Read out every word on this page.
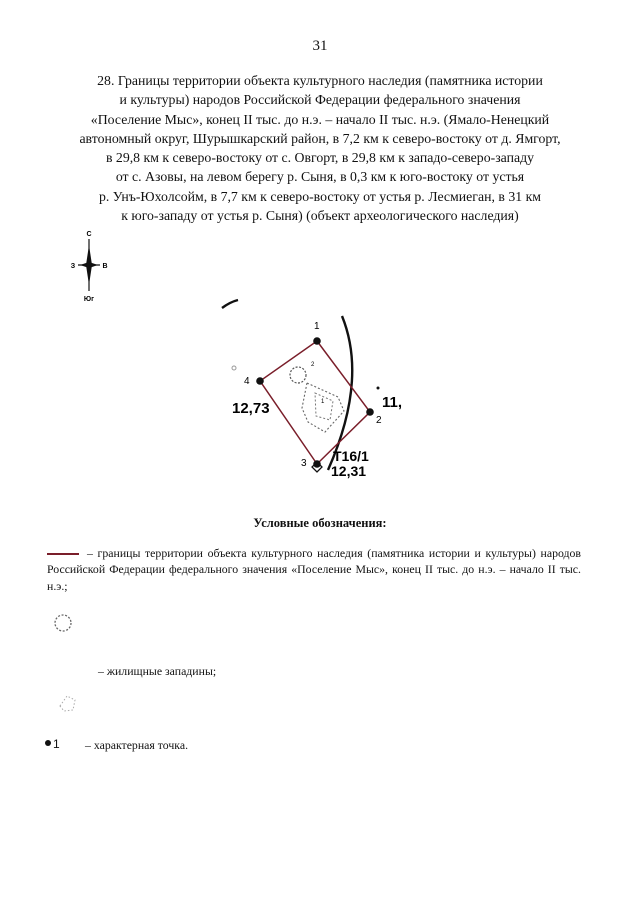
31
28. Границы территории объекта культурного наследия (памятника истории
и культуры) народов Российской Федерации федерального значения
«Поселение Мыс», конец II тыс. до н.э. – начало II тыс. н.э. (Ямало-Ненецкий
автономный округ, Шурышкарский район, в 7,2 км к северо-востоку от д. Ямгорт,
в 29,8 км к северо-востоку от с. Овгорт, в 29,8 км к западо-северо-западу
от с. Азовы, на левом берегу р. Сыня, в 0,3 км к юго-востоку от устья
р. Унъ-Юхолсойм, в 7,7 км к северо-востоку от устья р. Лесмиеган, в 31 км
к юго-западу от устья р. Сыня) (объект археологического наследия)
С
З	В
Юг
2
1
1
2
3
4
12,73	11,
T16/1
12,31
Условные обозначения:
– границы территории объекта культурного наследия (памятника истории и культуры) народов Российской Федерации федерального значения «Поселение Мыс», конец II тыс. до н.э. – начало II тыс. н.э.;
– жилищные западины;
1 – характерная точка.
